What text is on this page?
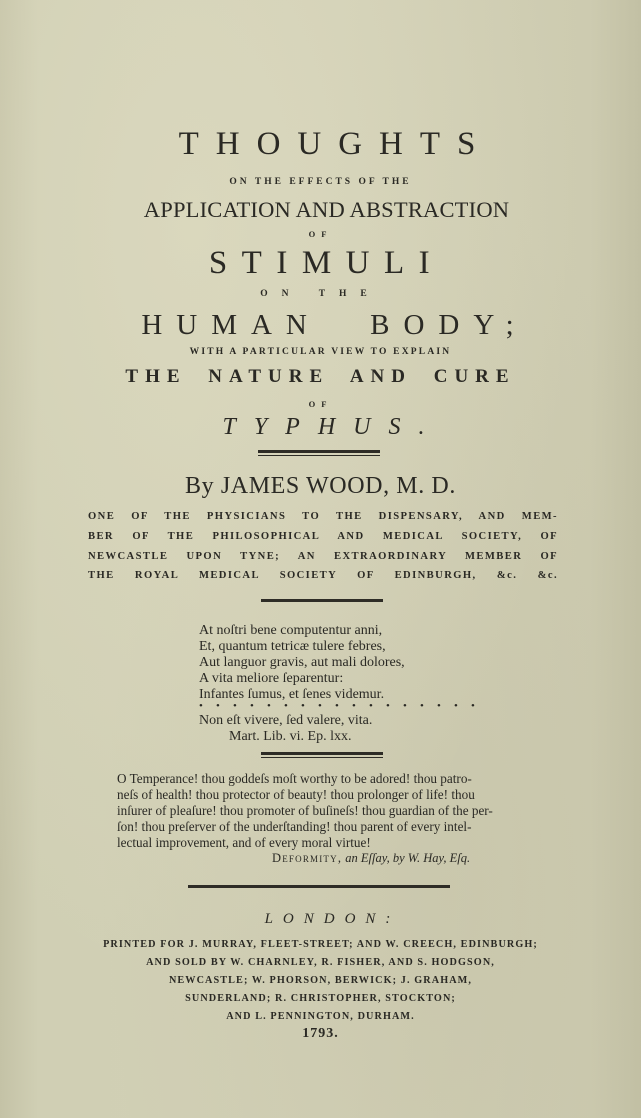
THOUGHTS
ON THE EFFECTS OF THE
APPLICATION AND ABSTRACTION
OF
STIMULI
ON THE
HUMAN BODY;
WITH A PARTICULAR VIEW TO EXPLAIN
THE NATURE AND CURE
OF
TYPHUS.
By JAMES WOOD, M. D.
ONE OF THE PHYSICIANS TO THE DISPENSARY, AND MEM-
BER OF THE PHILOSOPHICAL AND MEDICAL SOCIETY, OF
NEWCASTLE UPON TYNE; AN EXTRAORDINARY MEMBER OF
THE ROYAL MEDICAL SOCIETY OF EDINBURGH, &c. &c.
At noſtri bene computentur anni,
Et, quantum tetricæ tulere febres,
Aut languor gravis, aut mali dolores,
A vita meliore ſeparentur:
Infantes ſumus, et ſenes videmur.
• • • • • • • • • • • • • • • • •
Non eſt vivere, ſed valere, vita.
Mart. Lib. vi. Ep. lxx.
O Temperance! thou goddeſs moſt worthy to be adored! thou patro-
neſs of health! thou protector of beauty! thou prolonger of life! thou
inſurer of pleaſure! thou promoter of buſineſs! thou guardian of the per-
ſon! thou preſerver of the underſtanding! thou parent of every intel-
lectual improvement, and of every moral virtue!
Deformity, an Eſſay, by W. Hay, Eſq.
LONDON:
PRINTED FOR J. MURRAY, FLEET-STREET; AND W. CREECH, EDINBURGH;
AND SOLD BY W. CHARNLEY, R. FISHER, AND S. HODGSON,
NEWCASTLE; W. PHORSON, BERWICK; J. GRAHAM,
SUNDERLAND; R. CHRISTOPHER, STOCKTON;
AND L. PENNINGTON, DURHAM.
1793.
